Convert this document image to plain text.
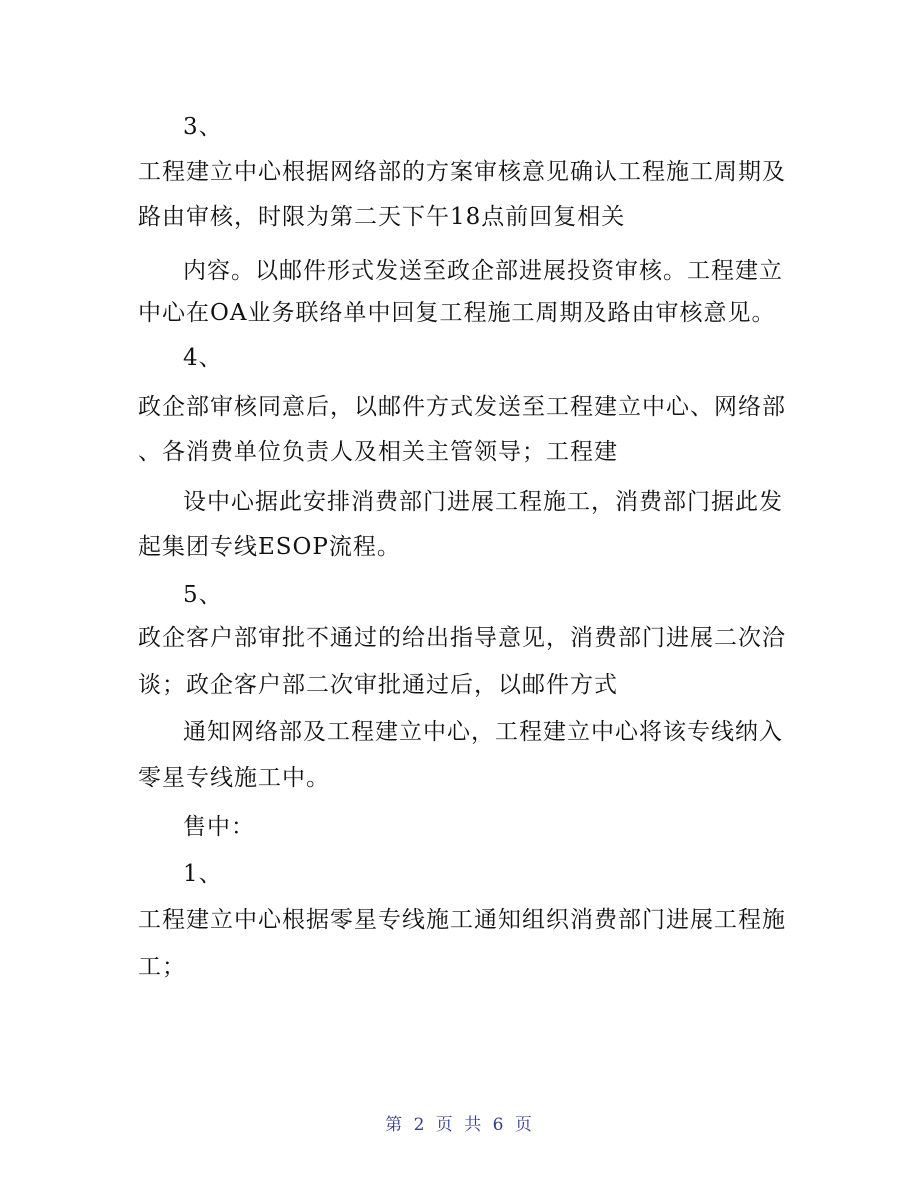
3、
工程建立中心根据网络部的方案审核意见确认工程施工周期及
路由审核，时限为第二天下午18点前回复相关
内容。以邮件形式发送至政企部进展投资审核。工程建立
中心在OA业务联络单中回复工程施工周期及路由审核意见。
4、
政企部审核同意后，以邮件方式发送至工程建立中心、网络部
、各消费单位负责人及相关主管领导；工程建
设中心据此安排消费部门进展工程施工，消费部门据此发
起集团专线ESOP流程。
5、
政企客户部审批不通过的给出指导意见，消费部门进展二次洽
谈；政企客户部二次审批通过后，以邮件方式
通知网络部及工程建立中心，工程建立中心将该专线纳入
零星专线施工中。
售中：
1、
工程建立中心根据零星专线施工通知组织消费部门进展工程施
工；
第 2 页 共 6 页
